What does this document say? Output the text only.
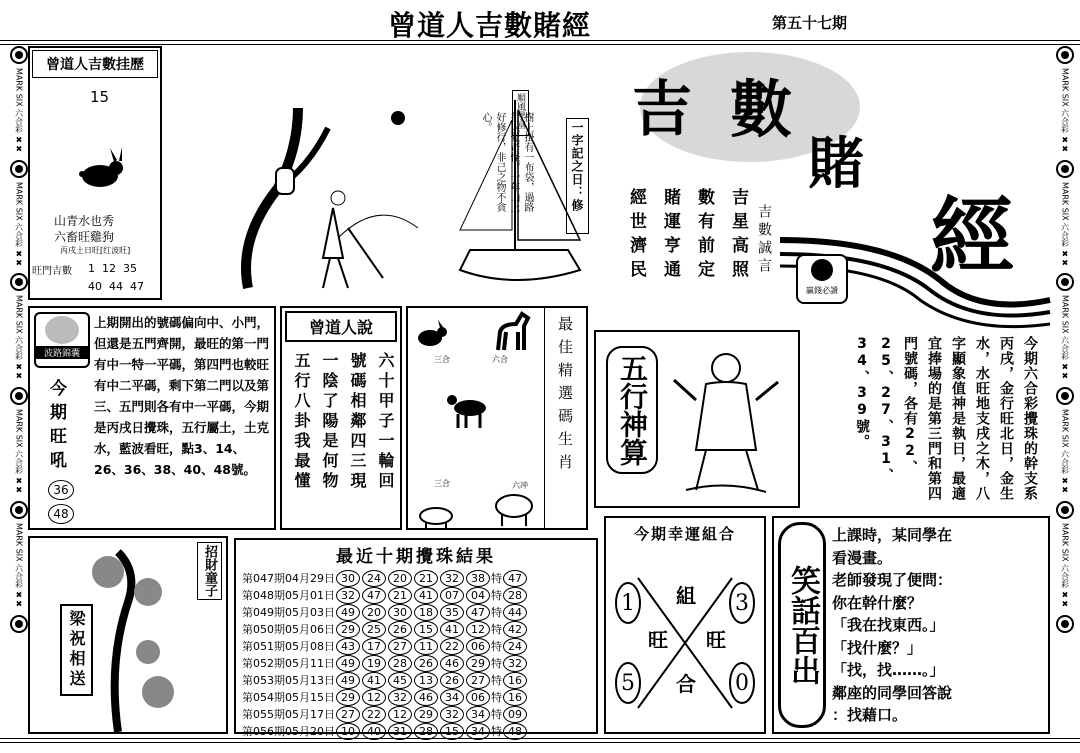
曾道人吉數賭經	第五十七期
MARK SIX 六合彩 ✖✖
MARK SIX 六合彩 ✖✖
MARK SIX 六合彩 ✖✖
MARK SIX 六合彩 ✖✖
MARK SIX 六合彩 ✖✖
MARK SIX 六合彩 ✖✖
MARK SIX 六合彩 ✖✖
MARK SIX 六合彩 ✖✖
MARK SIX 六合彩 ✖✖
MARK SIX 六合彩 ✖✖
曾道人吉數挂歷
15
山青水也秀
六畜旺雞狗
丙戌土日旺[红波旺]
旺門吉數 1  12  35
40  44  47
順風學富
一字記之日：修
樹上掛有一布袋，過路行人覺奇怪。十年山上好修行，非己之物不貪心。	吉 數
賭
經
吉星高照
數有前定
賭運亨通
經世濟民	吉數誠言
贏錢必讀
今期六合彩攪珠的幹支系丙戌，金行旺北日，金生水，水旺地支戌之木，八字顯象值神是執日，最適宜捧場的是第三門和第四門號碼，各有22、25、27、31、34、39號。
波路錦囊
今
期
旺
吼
36
48
上期開出的號碼偏向中、小門，但還是五門齊開，最旺的第一門有中一特一平碼，第四門也較旺有中二平碼，剩下第二門以及第三、五門則各有中一平碼，今期是丙戌日攪珠，五行屬土，土克水，藍波看旺，點3、14、26、36、38、40、48號。
曾道人說
六十甲子一輪回
號碼相鄰四三現
一陰了陽是何物
五行八卦我最懂	三合	六合
三合	六冲
最佳精選碼生肖	五行神算
招財童子
梁祝相送
最近十期攪珠結果
第047期04月29日 30 24 20 21 32 38 特 47
第048期05月01日 32 47 21 41 07 04 特 28
第049期05月03日 49 20 30 18 35 47 特 44
第050期05月06日 29 25 26 15 41 12 特 42
第051期05月08日 43 17 27 11 22 06 特 24
第052期05月11日 49 19 28 26 46 29 特 32
第053期05月13日 49 41 45 13 26 27 特 16
第054期05月15日 29 12 32 46 34 06 特 16
第055期05月17日 27 22 12 29 32 34 特 09
第056期05月20日 10 40 31 28 15 34 特 48
今期幸運組合
1	3
5	0
組
合
旺 旺 笑話百出
上課時，某同學在
看漫畫。
老師發現了便問：
你在幹什麼？
「我在找東西。」
「找什麼？」
「找，找……。」
鄰座的同學回答說
：找藉口。
